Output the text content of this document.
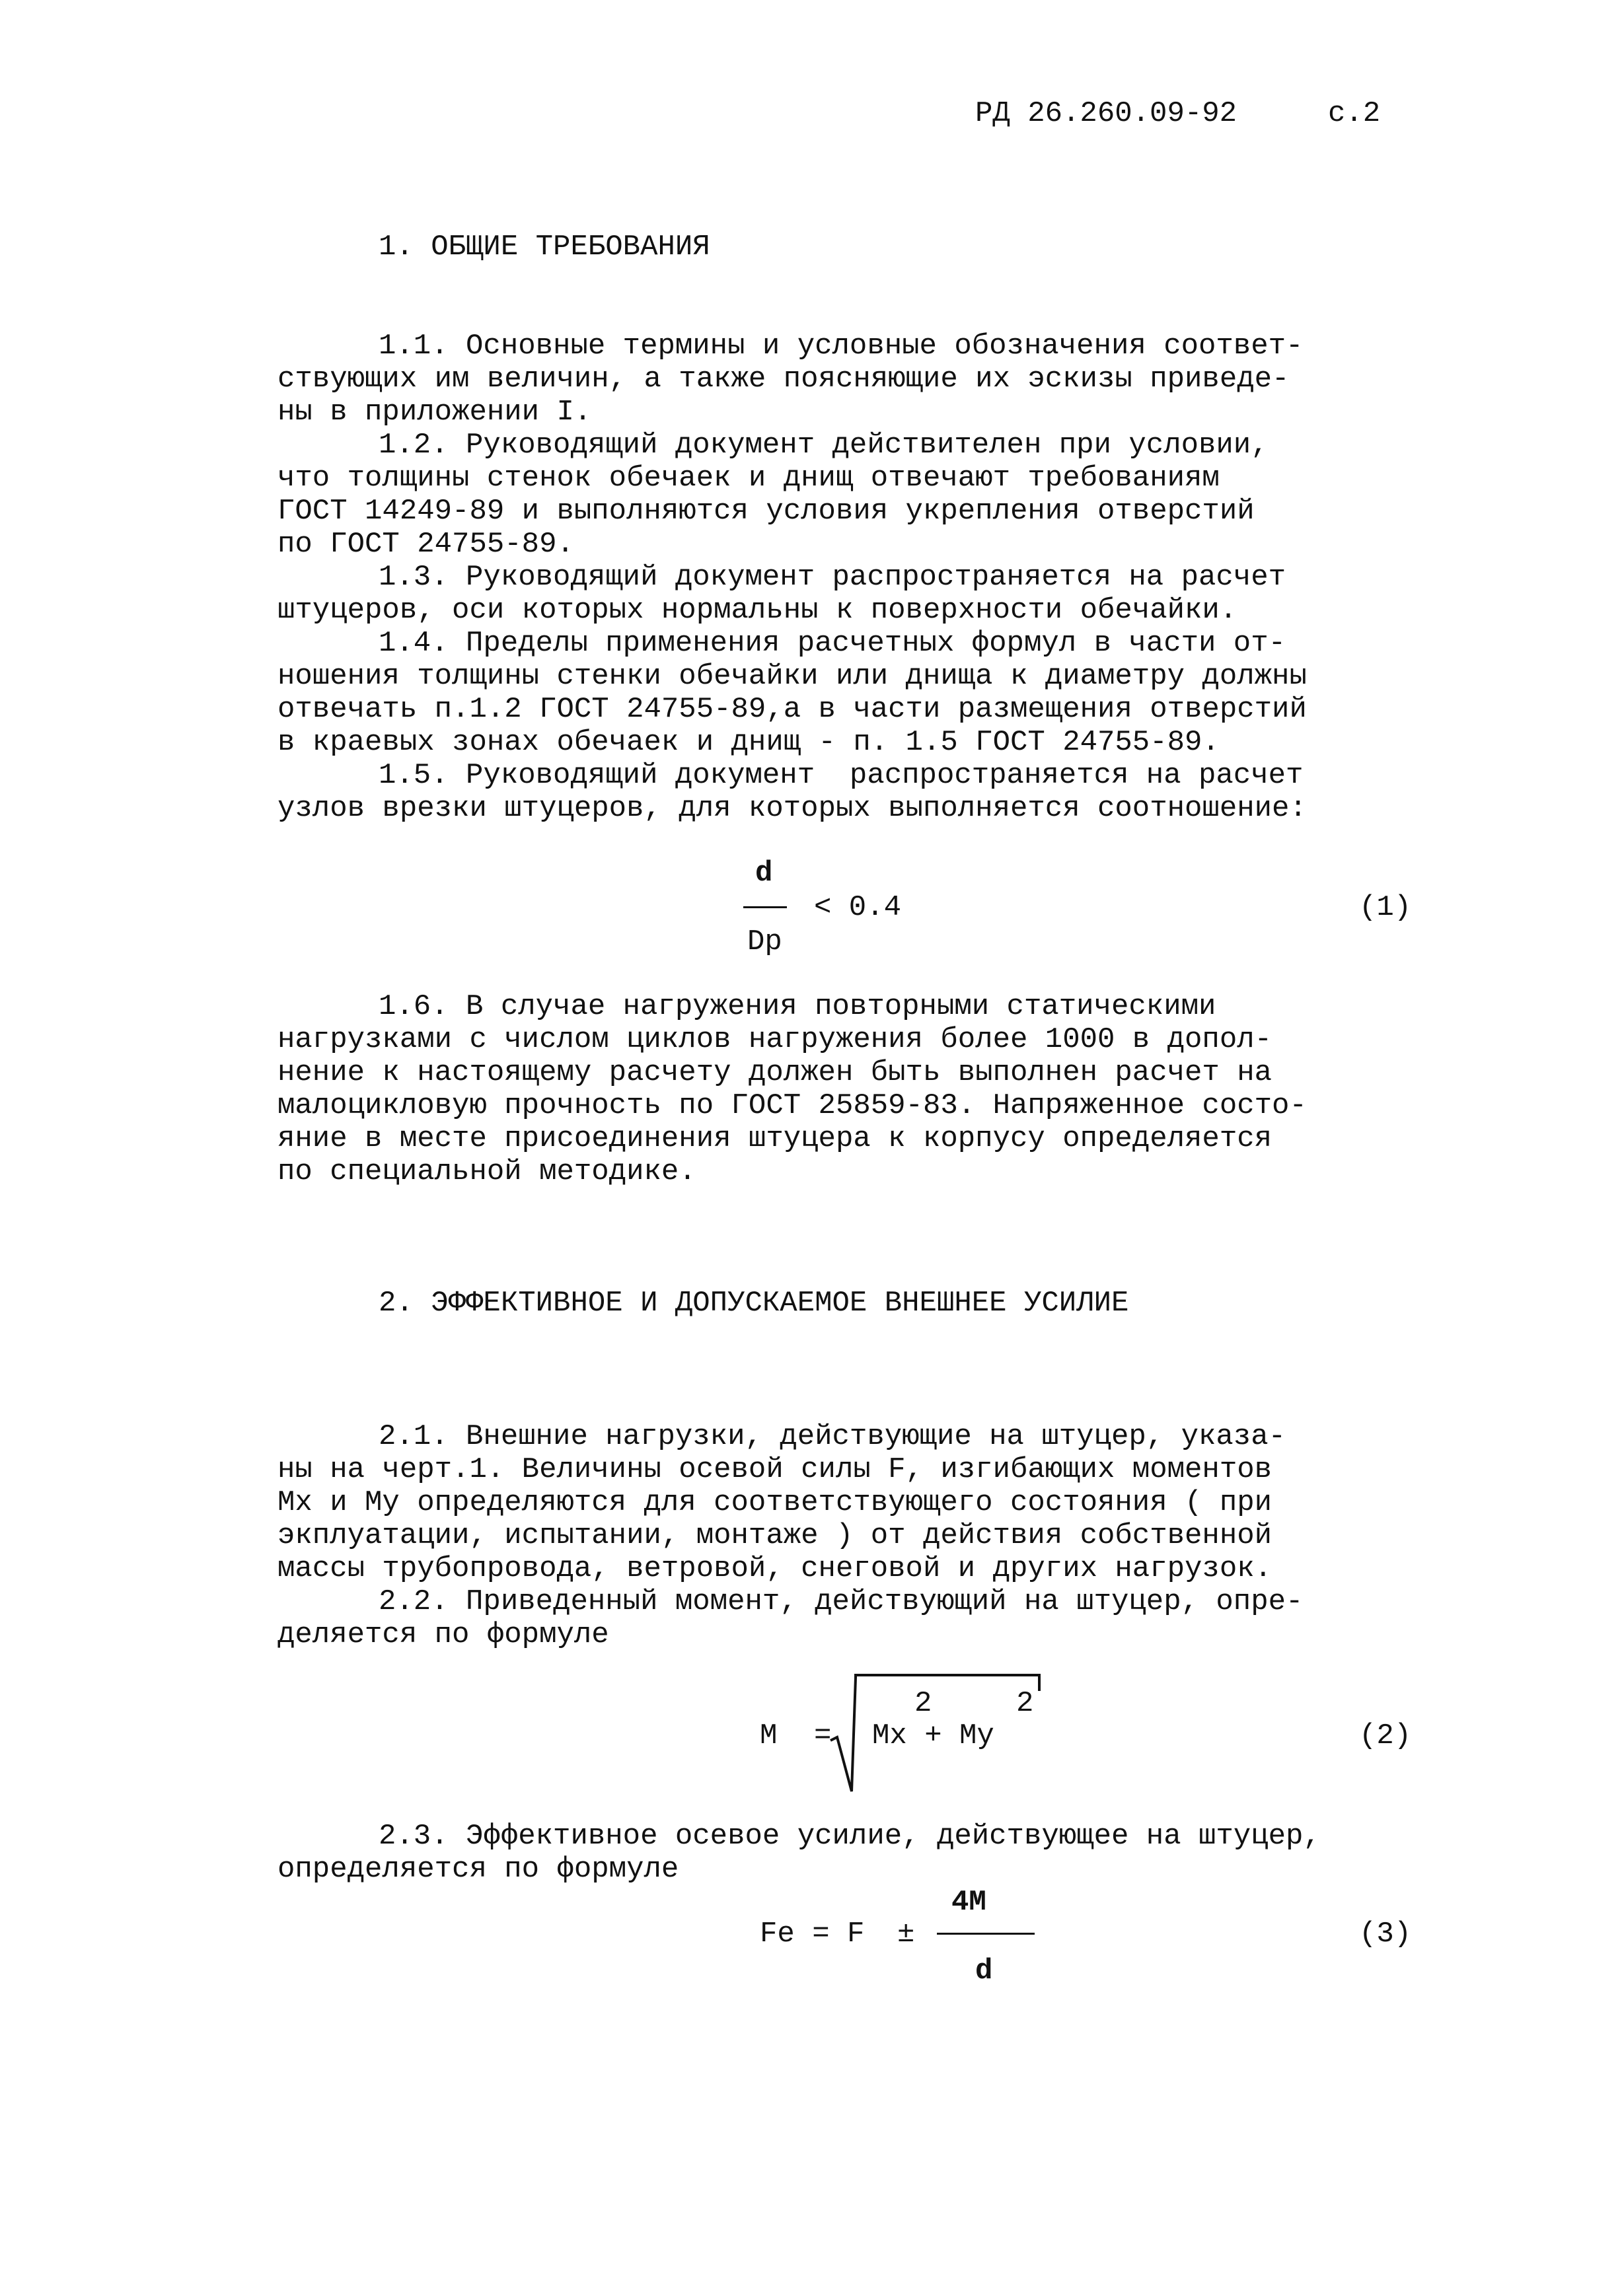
РД 26.260.09-92	с.2
1. ОБЩИЕ ТРЕБОВАНИЯ
1.1. Основные термины и условные обозначения соответ-
ствующих им величин, а также поясняющие их эскизы приведе-
ны в приложении I.
1.2. Руководящий документ действителен при условии,
что толщины стенок обечаек и днищ отвечают требованиям
ГОСТ 14249-89 и выполняются условия укрепления отверстий
по ГОСТ 24755-89.
1.3. Руководящий документ распространяется на расчет
штуцеров, оси которых нормальны к поверхности обечайки.
1.4. Пределы применения расчетных формул в части от-
ношения толщины стенки обечайки или днища к диаметру должны
отвечать п.1.2 ГОСТ 24755-89,а в части размещения отверстий
в краевых зонах обечаек и днищ - п. 1.5 ГОСТ 24755-89.
1.5. Руководящий документ  распространяется на расчет
узлов врезки штуцеров, для которых выполняется соотношение:
d
< 0.4
Dp
(1)
1.6. В случае нагружения повторными статическими
нагрузками с числом циклов нагружения более 1000 в допол-
нение к настоящему расчету должен быть выполнен расчет на
малоцикловую прочность по ГОСТ 25859-83. Напряженное состо-
яние в месте присоединения штуцера к корпусу определяется
по специальной методике.
2. ЭФФЕКТИВНОЕ И ДОПУСКАЕМОЕ ВНЕШНЕЕ УСИЛИЕ
2.1. Внешние нагрузки, действующие на штуцер, указа-
ны на черт.1. Величины осевой силы F, изгибающих моментов
Mx и My определяются для соответствующего состояния ( при
экплуатации, испытании, монтаже ) от действия собственной
массы трубопровода, ветровой, снеговой и других нагрузок.
2.2. Приведенный момент, действующий на штуцер, опре-
деляется по формуле
M =
2	2
Mx + My	(2)
2.3. Эффективное осевое усилие, действующее на штуцер,
определяется по формуле
4M
Fe = F ±
d
(3)
